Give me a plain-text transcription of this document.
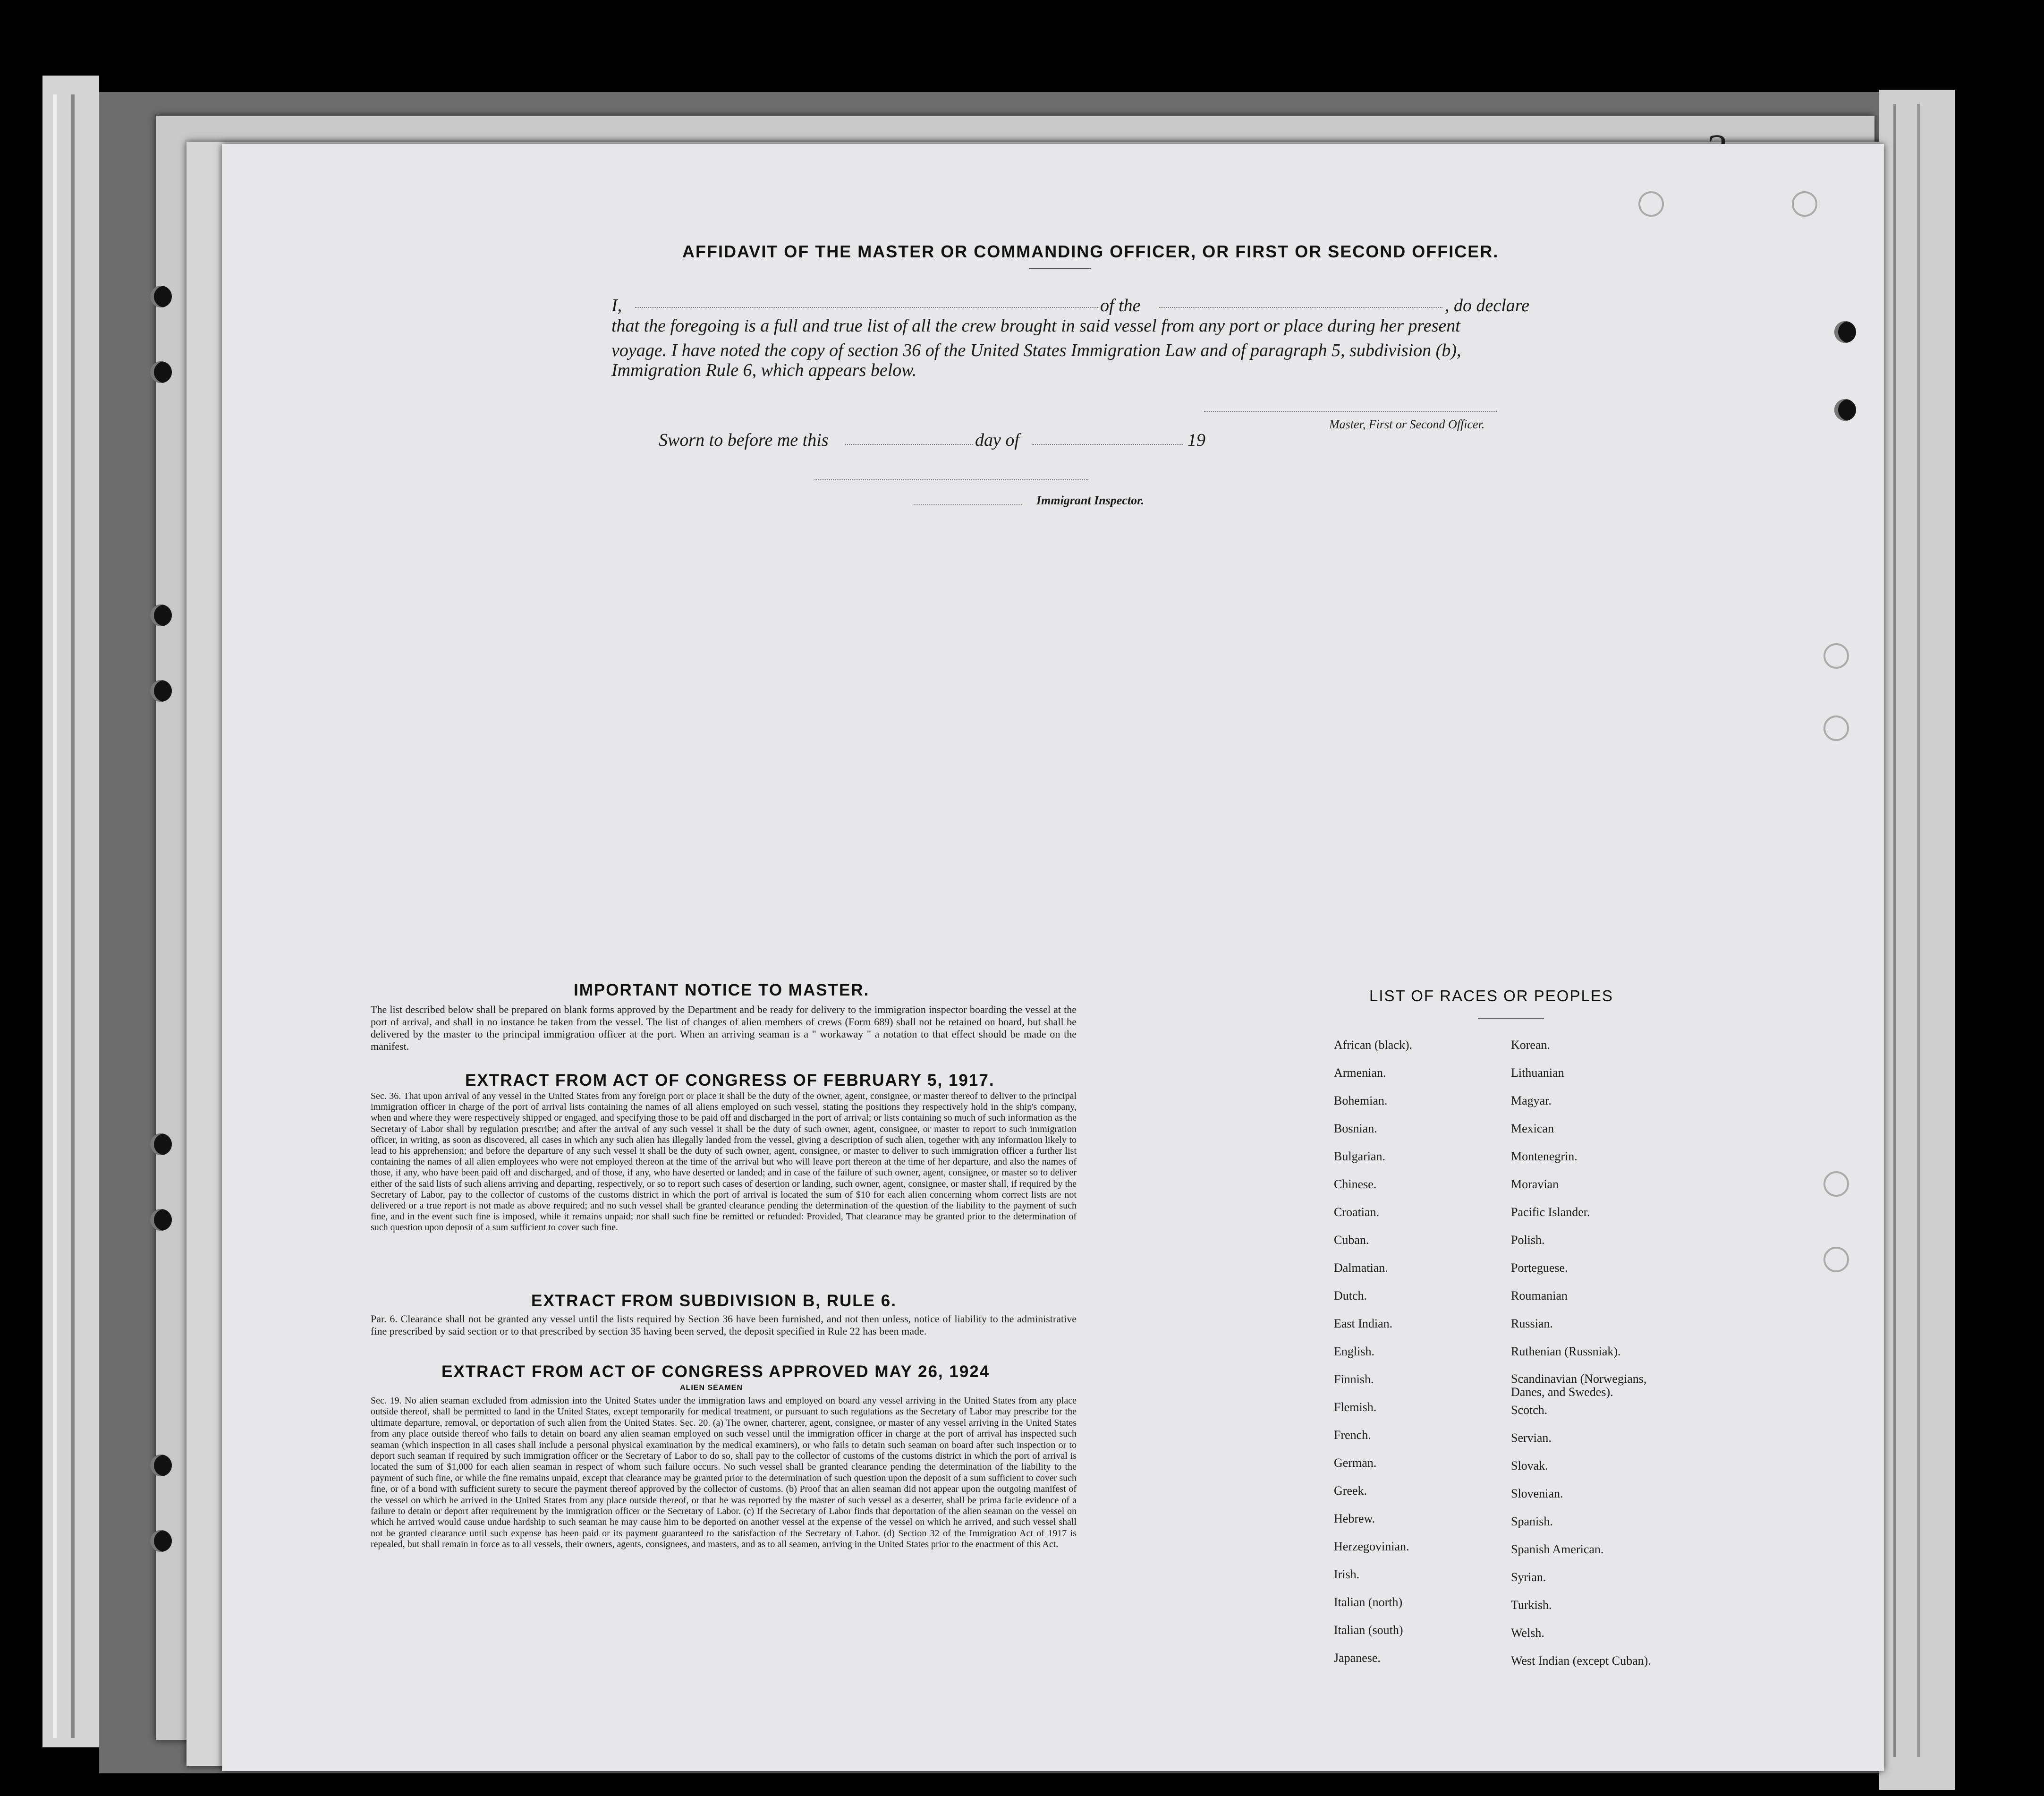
AFFIDAVIT OF THE MASTER OR COMMANDING OFFICER, OR FIRST OR SECOND OFFICER.
I,	of the	, do declare
that the foregoing is a full and true list of all the crew brought in said vessel from any port or place during her present
voyage. I have noted the copy of section 36 of the United States Immigration Law and of paragraph 5, subdivision (b),
Immigration Rule 6, which appears below.
Master, First or Second Officer.
Sworn to before me this	day of	19
Immigrant Inspector.
IMPORTANT NOTICE TO MASTER.
The list described below shall be prepared on blank forms approved by the Department and be ready for delivery to the immigration inspector boarding the vessel at the port of arrival, and shall in no instance be taken from the vessel. The list of changes of alien members of crews (Form 689) shall not be retained on board, but shall be delivered by the master to the principal immigration officer at the port. When an arriving seaman is a " workaway " a notation to that effect should be made on the manifest.
EXTRACT FROM ACT OF CONGRESS OF FEBRUARY 5, 1917.
Sec. 36. That upon arrival of any vessel in the United States from any foreign port or place it shall be the duty of the owner, agent, consignee, or master thereof to deliver to the principal immigration officer in charge of the port of arrival lists containing the names of all aliens employed on such vessel, stating the positions they respectively hold in the ship's company, when and where they were respectively shipped or engaged, and specifying those to be paid off and discharged in the port of arrival; or lists containing so much of such information as the Secretary of Labor shall by regulation prescribe; and after the arrival of any such vessel it shall be the duty of such owner, agent, consignee, or master to report to such immigration officer, in writing, as soon as discovered, all cases in which any such alien has illegally landed from the vessel, giving a description of such alien, together with any information likely to lead to his apprehension; and before the departure of any such vessel it shall be the duty of such owner, agent, consignee, or master to deliver to such immigration officer a further list containing the names of all alien employees who were not employed thereon at the time of the arrival but who will leave port thereon at the time of her departure, and also the names of those, if any, who have been paid off and discharged, and of those, if any, who have deserted or landed; and in case of the failure of such owner, agent, consignee, or master so to deliver either of the said lists of such aliens arriving and departing, respectively, or so to report such cases of desertion or landing, such owner, agent, consignee, or master shall, if required by the Secretary of Labor, pay to the collector of customs of the customs district in which the port of arrival is located the sum of $10 for each alien concerning whom correct lists are not delivered or a true report is not made as above required; and no such vessel shall be granted clearance pending the determination of the question of the liability to the payment of such fine, and in the event such fine is imposed, while it remains unpaid; nor shall such fine be remitted or refunded: Provided, That clearance may be granted prior to the determination of such question upon deposit of a sum sufficient to cover such fine.
EXTRACT FROM SUBDIVISION B, RULE 6.
Par. 6. Clearance shall not be granted any vessel until the lists required by Section 36 have been furnished, and not then unless, notice of liability to the administrative fine prescribed by said section or to that prescribed by section 35 having been served, the deposit specified in Rule 22 has been made.
EXTRACT FROM ACT OF CONGRESS APPROVED MAY 26, 1924
ALIEN SEAMEN
Sec. 19. No alien seaman excluded from admission into the United States under the immigration laws and employed on board any vessel arriving in the United States from any place outside thereof, shall be permitted to land in the United States, except temporarily for medical treatment, or pursuant to such regulations as the Secretary of Labor may prescribe for the ultimate departure, removal, or deportation of such alien from the United States. Sec. 20. (a) The owner, charterer, agent, consignee, or master of any vessel arriving in the United States from any place outside thereof who fails to detain on board any alien seaman employed on such vessel until the immigration officer in charge at the port of arrival has inspected such seaman (which inspection in all cases shall include a personal physical examination by the medical examiners), or who fails to detain such seaman on board after such inspection or to deport such seaman if required by such immigration officer or the Secretary of Labor to do so, shall pay to the collector of customs of the customs district in which the port of arrival is located the sum of $1,000 for each alien seaman in respect of whom such failure occurs. No such vessel shall be granted clearance pending the determination of the liability to the payment of such fine, or while the fine remains unpaid, except that clearance may be granted prior to the determination of such question upon the deposit of a sum sufficient to cover such fine, or of a bond with sufficient surety to secure the payment thereof approved by the collector of customs. (b) Proof that an alien seaman did not appear upon the outgoing manifest of the vessel on which he arrived in the United States from any place outside thereof, or that he was reported by the master of such vessel as a deserter, shall be prima facie evidence of a failure to detain or deport after requirement by the immigration officer or the Secretary of Labor. (c) If the Secretary of Labor finds that deportation of the alien seaman on the vessel on which he arrived would cause undue hardship to such seaman he may cause him to be deported on another vessel at the expense of the vessel on which he arrived, and such vessel shall not be granted clearance until such expense has been paid or its payment guaranteed to the satisfaction of the Secretary of Labor. (d) Section 32 of the Immigration Act of 1917 is repealed, but shall remain in force as to all vessels, their owners, agents, consignees, and masters, and as to all seamen, arriving in the United States prior to the enactment of this Act.
LIST OF RACES OR PEOPLES
African (black).
Armenian.
Bohemian.
Bosnian.
Bulgarian.
Chinese.
Croatian.
Cuban.
Dalmatian.
Dutch.
East Indian.
English.
Finnish.
Flemish.
French.
German.
Greek.
Hebrew.
Herzegovinian.
Irish.
Italian (north)
Italian (south)
Japanese.
Korean.
Lithuanian
Magyar.
Mexican
Montenegrin.
Moravian
Pacific Islander.
Polish.
Porteguese.
Roumanian
Russian.
Ruthenian (Russniak).
Scandinavian (Norwegians, Danes, and Swedes).
Scotch.
Servian.
Slovak.
Slovenian.
Spanish.
Spanish American.
Syrian.
Turkish.
Welsh.
West Indian (except Cuban).
